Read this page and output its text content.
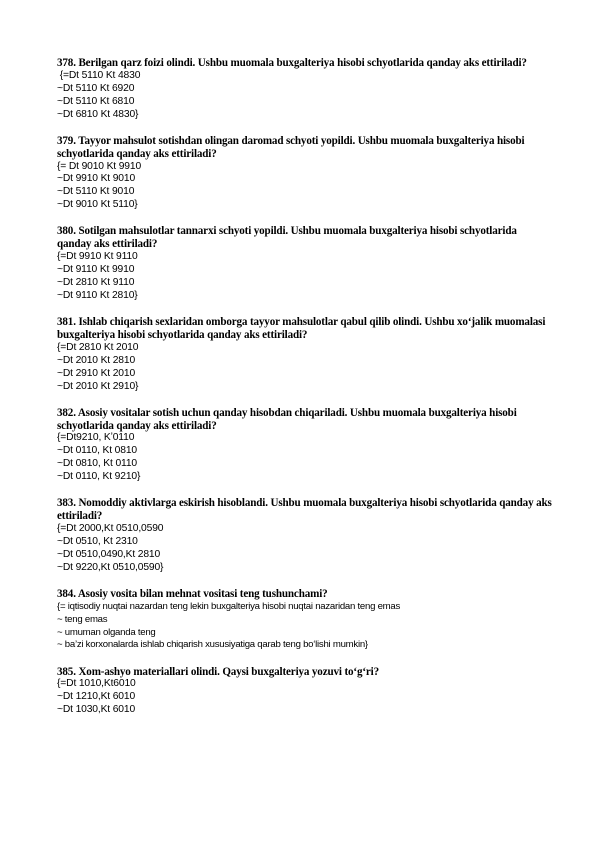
378. Berilgan qarz foizi olindi. Ushbu muomala buxgalteriya hisobi schyotlarida qanday aks ettiriladi?
{=Dt 5110 Kt 4830
~Dt 5110 Kt 6920
~Dt 5110 Kt 6810
~Dt 6810 Kt 4830}
379. Tayyor mahsulot sotishdan olingan daromad schyoti yopildi. Ushbu muomala buxgalteriya hisobi schyotlarida qanday aks ettiriladi?
{= Dt 9010 Kt 9910
~Dt 9910 Kt 9010
~Dt 5110 Kt 9010
~Dt 9010 Kt 5110}
380. Sotilgan mahsulotlar tannarxi schyoti yopildi. Ushbu muomala buxgalteriya hisobi schyotlarida qanday aks ettiriladi?
{=Dt 9910 Kt 9110
~Dt 9110 Kt 9910
~Dt 2810 Kt 9110
~Dt 9110 Kt 2810}
381. Ishlab chiqarish sexlaridan omborga tayyor mahsulotlar qabul qilib olindi. Ushbu xo‘jalik muomalasi buxgalteriya hisobi schyotlarida qanday aks ettiriladi?
{=Dt 2810 Kt 2010
~Dt 2010 Kt 2810
~Dt 2910 Kt 2010
~Dt 2010 Kt 2910}
382. Asosiy vositalar sotish uchun qanday hisobdan chiqariladi. Ushbu muomala buxgalteriya hisobi schyotlarida qanday aks ettiriladi?
{=Dt9210, Kʼ0110
~Dt 0110, Kt 0810
~Dt 0810, Kt 0110
~Dt 0110, Kt 9210}
383. Nomoddiy aktivlarga eskirish hisoblandi. Ushbu muomala buxgalteriya hisobi schyotlarida qanday aks ettiriladi?
{=Dt 2000,Kt 0510,0590
~Dt 0510, Kt 2310
~Dt 0510,0490,Kt 2810
~Dt 9220,Kt 0510,0590}
384. Asosiy vosita bilan mehnat vositasi teng tushunchami?
{= iqtisodiy nuqtai nazardan teng lekin buxgalteriya hisobi nuqtai nazaridan teng emas
~ teng emas
~ umuman olganda teng
~ ba’zi korxonalarda ishlab chiqarish xususiyatiga qarab teng bo‘lishi mumkin}
385. Xom-ashyo materiallari olindi. Qaysi buxgalteriya yozuvi to‘g‘ri?
{=Dt 1010,Kt6010
~Dt 1210,Kt 6010
~Dt 1030,Kt 6010
